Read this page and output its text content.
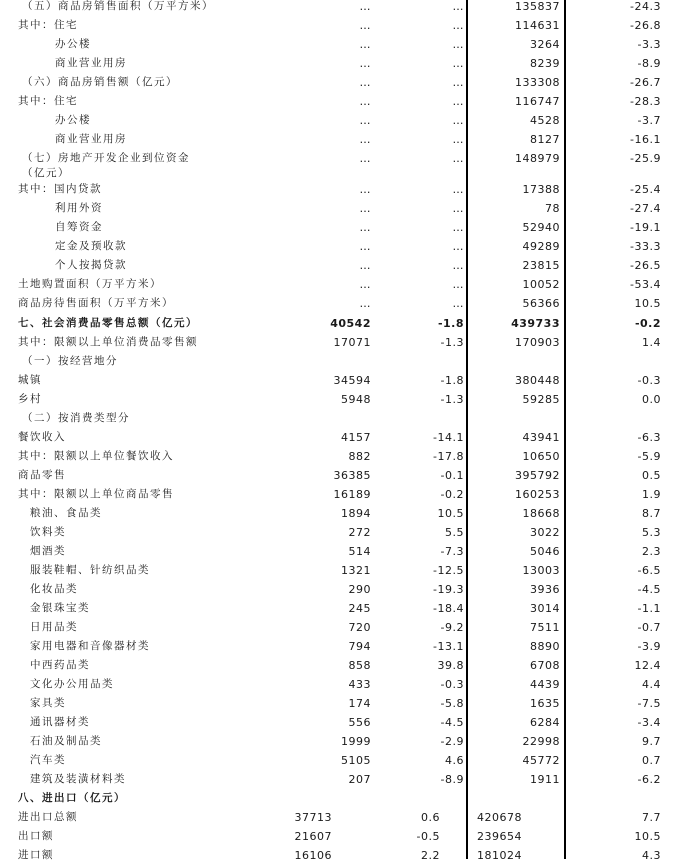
（五）商品房销售面积（万平方米）	…	…	135837	-24.3
其中：住宅	…	…	114631	-26.8
办公楼	…	…	3264	-3.3
商业营业用房	…	…	8239	-8.9
（六）商品房销售额（亿元）	…	…	133308	-26.7
其中：住宅	…	…	116747	-28.3
办公楼	…	…	4528	-3.7
商业营业用房	…	…	8127	-16.1
（七）房地产开发企业到位资金	…	…	148979	-25.9
（亿元）
其中：国内贷款	…	…	17388	-25.4
利用外资	…	…	78	-27.4
自筹资金	…	…	52940	-19.1
定金及预收款	…	…	49289	-33.3
个人按揭贷款	…	…	23815	-26.5
土地购置面积（万平方米）	…	…	10052	-53.4
商品房待售面积（万平方米）	…	…	56366	10.5
七、社会消费品零售总额（亿元）	40542	-1.8	439733	-0.2
其中：限额以上单位消费品零售额	17071	-1.3	170903	1.4
（一）按经营地分
城镇	34594	-1.8	380448	-0.3
乡村	5948	-1.3	59285	0.0
（二）按消费类型分
餐饮收入	4157	-14.1	43941	-6.3
其中：限额以上单位餐饮收入	882	-17.8	10650	-5.9
商品零售	36385	-0.1	395792	0.5
其中：限额以上单位商品零售	16189	-0.2	160253	1.9
粮油、食品类	1894	10.5	18668	8.7
饮料类	272	5.5	3022	5.3
烟酒类	514	-7.3	5046	2.3
服装鞋帽、针纺织品类	1321	-12.5	13003	-6.5
化妆品类	290	-19.3	3936	-4.5
金银珠宝类	245	-18.4	3014	-1.1
日用品类	720	-9.2	7511	-0.7
家用电器和音像器材类	794	-13.1	8890	-3.9
中西药品类	858	39.8	6708	12.4
文化办公用品类	433	-0.3	4439	4.4
家具类	174	-5.8	1635	-7.5
通讯器材类	556	-4.5	6284	-3.4
石油及制品类	1999	-2.9	22998	9.7
汽车类	5105	4.6	45772	0.7
建筑及装潢材料类	207	-8.9	1911	-6.2
八、进出口（亿元）
进出口总额	37713	0.6	420678	7.7
出口额	21607	-0.5	239654	10.5
进口额	16106	2.2	181024	4.3
